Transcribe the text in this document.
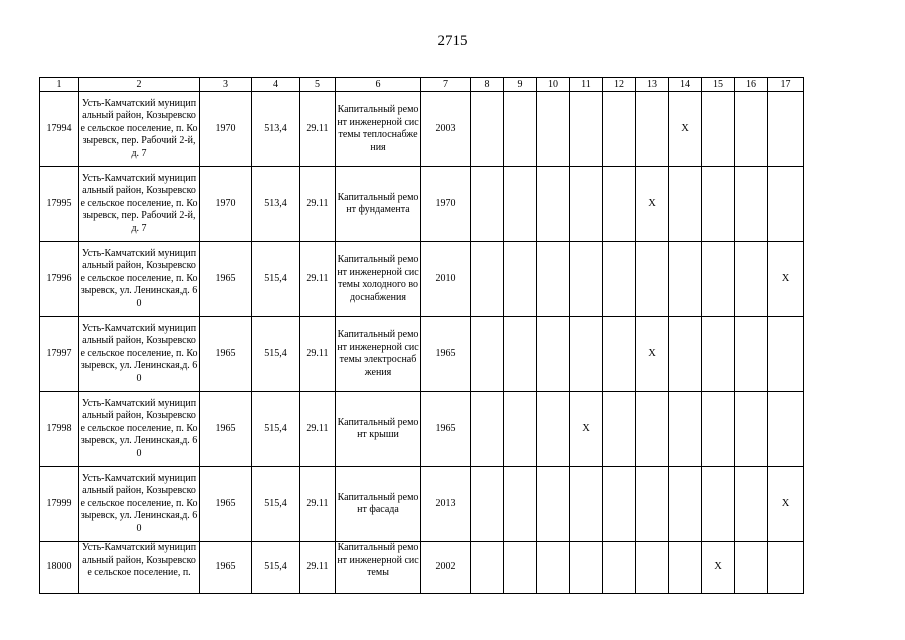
2715
1	2	3	4	5	6	7	8	9	10	11	12	13	14	15	16	17
17994	Усть-Камчатский муниципальный район, Козыревское сельское поселение, п. Козыревск, пер. Рабочий 2-й,д. 7	1970	513,4	29.11	Капитальный ремонт инженерной системы теплоснабжения	2003							X			
17995	Усть-Камчатский муниципальный район, Козыревское сельское поселение, п. Козыревск, пер. Рабочий 2-й,д. 7	1970	513,4	29.11	Капитальный ремонт фундамента	1970						X				
17996	Усть-Камчатский муниципальный район, Козыревское сельское поселение, п. Козыревск, ул. Ленинская,д. 60	1965	515,4	29.11	Капитальный ремонт инженерной системы холодного водоснабжения	2010										X
17997	Усть-Камчатский муниципальный район, Козыревское сельское поселение, п. Козыревск, ул. Ленинская,д. 60	1965	515,4	29.11	Капитальный ремонт инженерной системы электроснабжения	1965						X				
17998	Усть-Камчатский муниципальный район, Козыревское сельское поселение, п. Козыревск, ул. Ленинская,д. 60	1965	515,4	29.11	Капитальный ремонт крыши	1965				X						
17999	Усть-Камчатский муниципальный район, Козыревское сельское поселение, п. Козыревск, ул. Ленинская,д. 60	1965	515,4	29.11	Капитальный ремонт фасада	2013										X
18000	Усть-Камчатский муниципальный район, Козыревское сельское поселение, п.	1965	515,4	29.11	Капитальный ремонт инженерной системы	2002								X		
